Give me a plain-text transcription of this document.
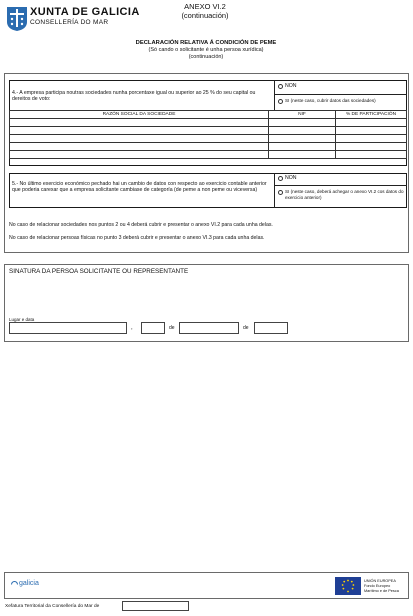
XUNTA DE GALICIA
CONSELLERÍA DO MAR
ANEXO VI.2
(continuación)
DECLARACIÓN RELATIVA Á CONDICIÓN DE PEME
(Só cando o solicitante é unha persoa xurídica)
(continuación)
4.- A empresa participa noutras sociedades nunha porcentaxe igual ou superior ao 25 % do seu capital ou dereitos de voto:
NON
SI (neste caso, cubrir datos das sociedades)
RAZÓN SOCIAL DA SOCIEDADE	NIF	% DE PARTICIPACIÓN

5.- No último exercicio económico pechado hai un cambio de datos con respecto ao exercicio contable anterior que poderia carexar que a empresa solicitante cambiase de categoría (de peme a non peme ou viceversa)
NON
SI (neste caso, deberá achegar o anexo VI.2 cos datos do exercicio anterior)
No caso de relacionar sociedades nos puntos 2 ou 4 deberá cubrir e presentar o anexo VI.2 para cada unha delas.
No caso de relacionar persoas físicas no punto 3 deberá cubrir e presentar o anexo VI.3 para cada unha delas.
SINATURA DA PERSOA SOLICITANTE OU REPRESENTANTE
Lugar e data
,	de	de
galicia	UNIÓN EUROPEA
Fondo Europeo
Marítimo e de Pesca
Xefatura Territorial da Consellería do Mar de
